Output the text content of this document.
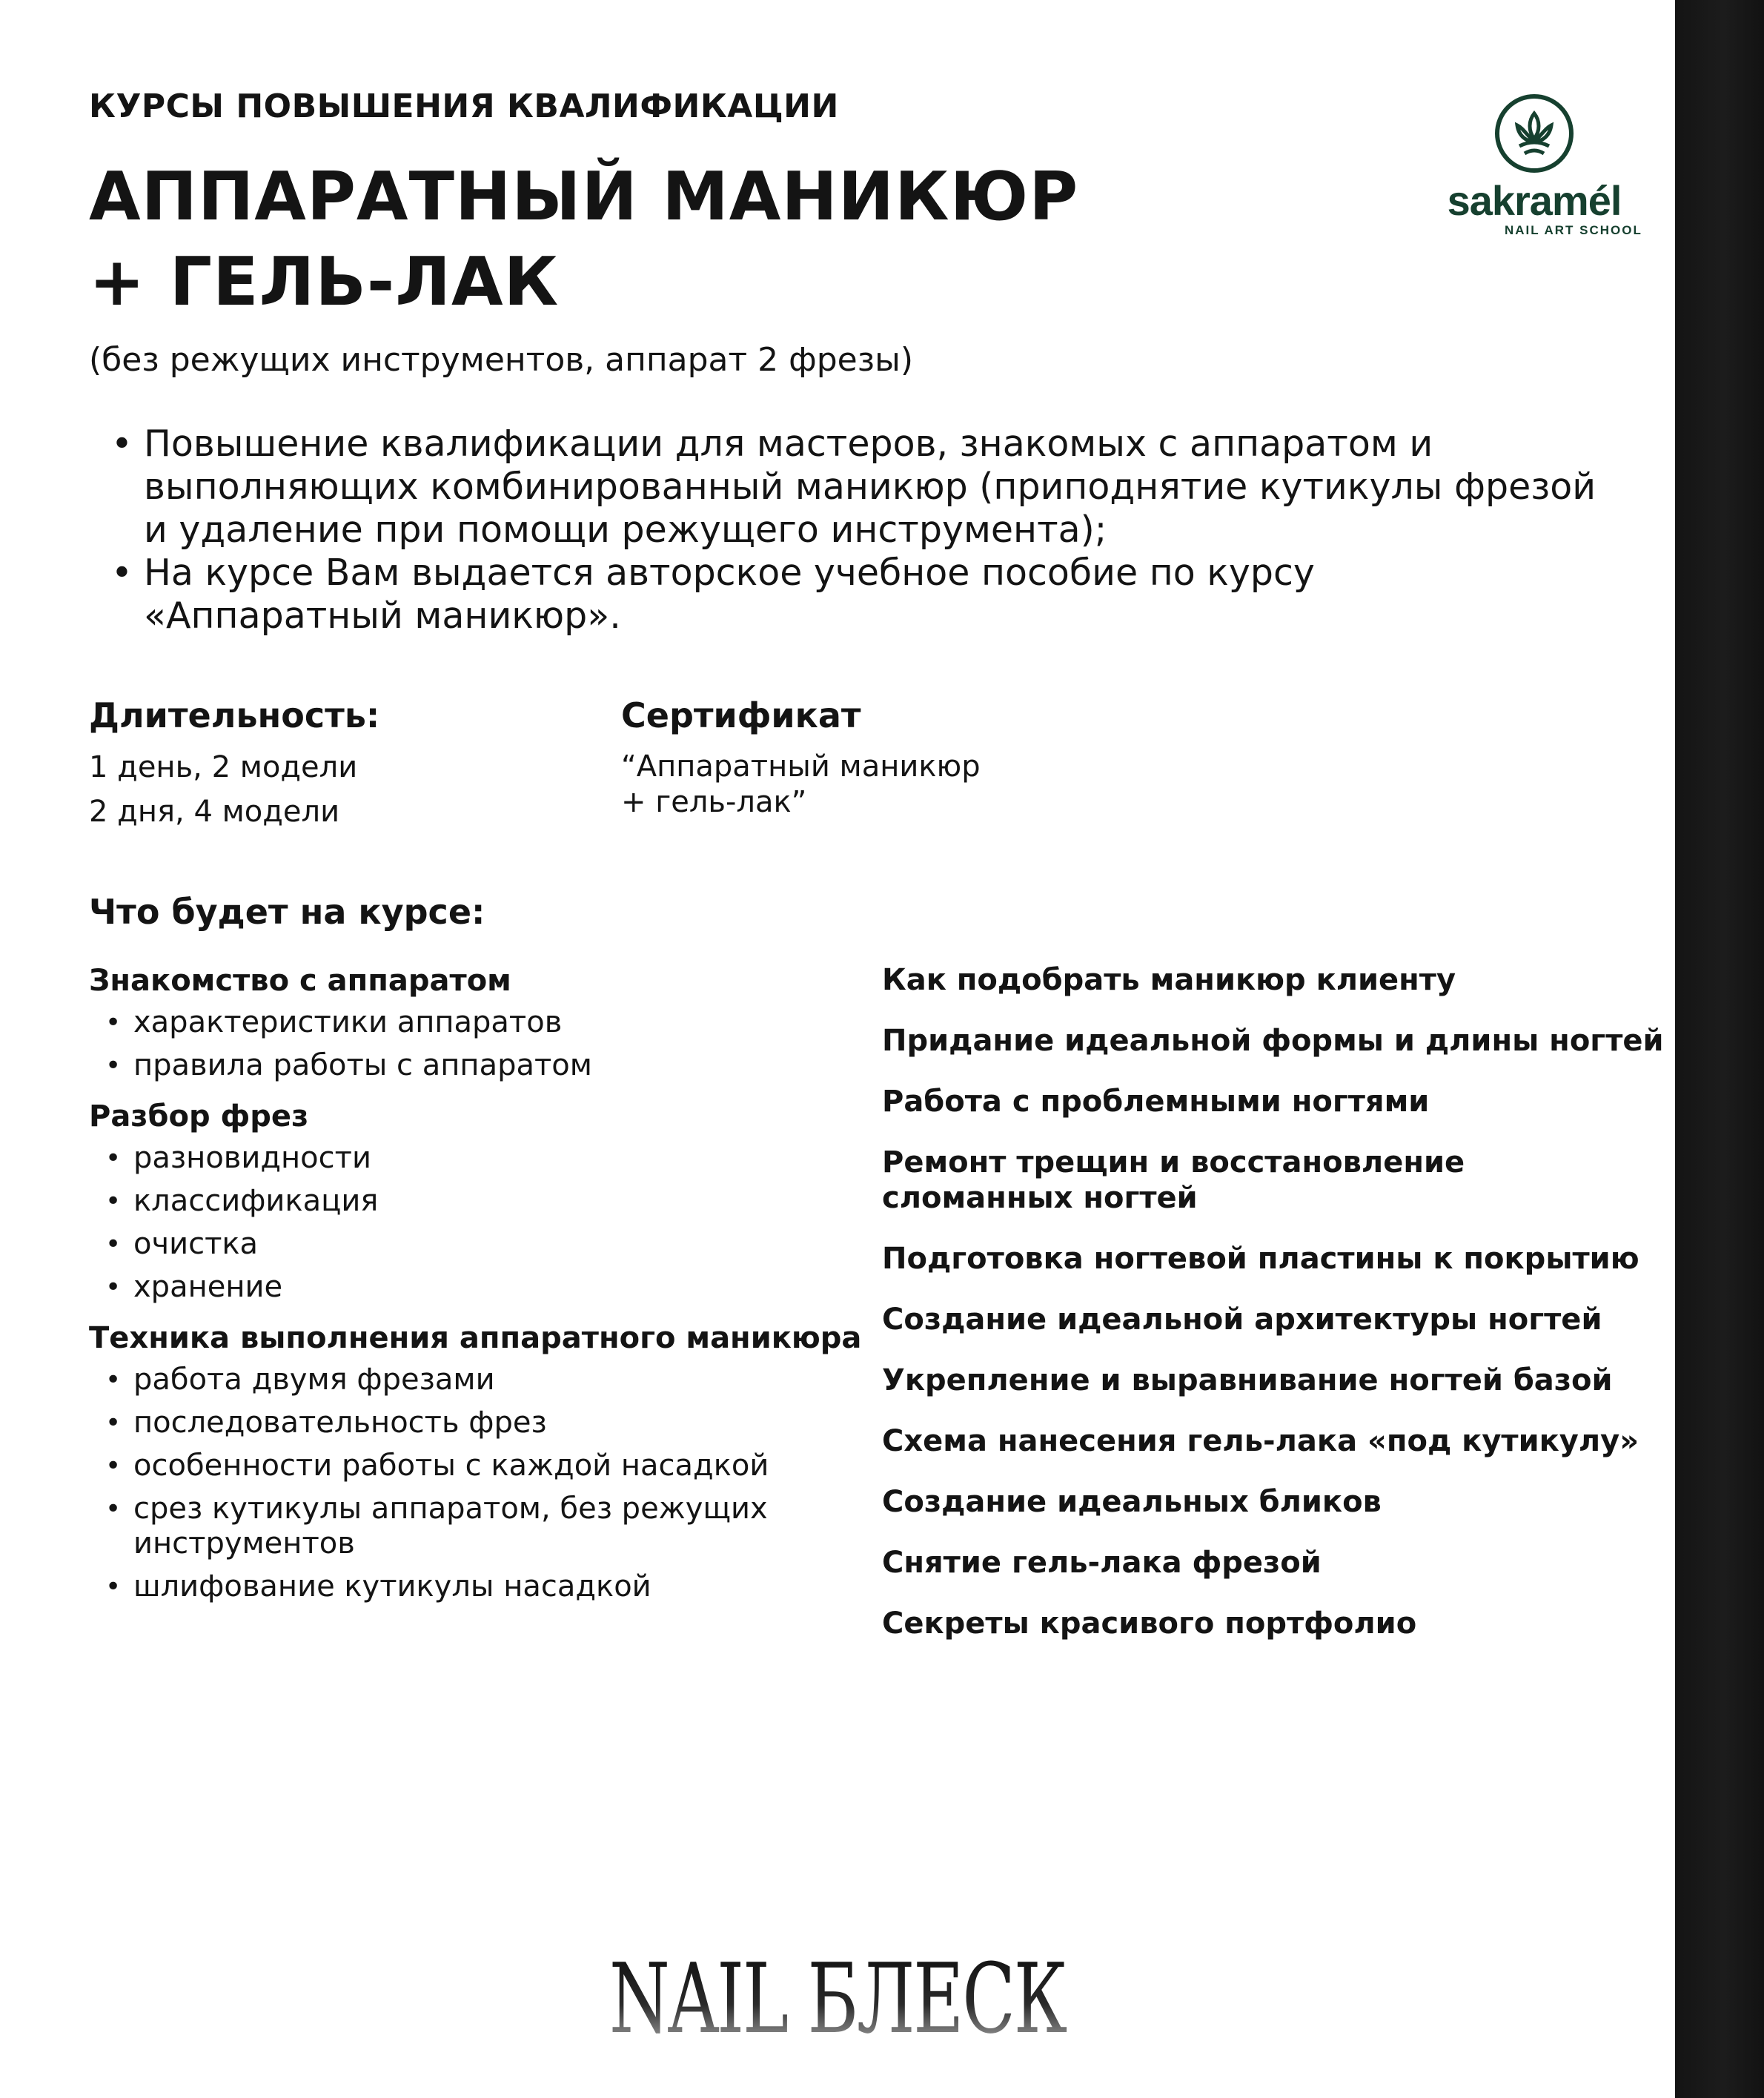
КУРСЫ ПОВЫШЕНИЯ КВАЛИФИКАЦИИ
АППАРАТНЫЙ МАНИКЮР
+ ГЕЛЬ-ЛАК
(без режущих инструментов, аппарат 2 фрезы)
sakramél
NAIL ART SCHOOL
• Повышение квалификации для мастеров, знакомых с аппаратом и
выполняющих комбинированный маникюр (приподнятие кутикулы фрезой
и удаление при помощи режущего инструмента);
• На курсе Вам выдается авторское учебное пособие по курсу
«Аппаратный маникюр».
Длительность:
1 день, 2 модели
2 дня, 4 модели
Сертификат
“Аппаратный маникюр
+ гель-лак”
Что будет на курсе:
Знакомство с аппаратом
• характеристики аппаратов
• правила работы с аппаратом
Разбор фрез
• разновидности
• классификация
• очистка
• хранение
Техника выполнения аппаратного маникюра
• работа двумя фрезами
• последовательность фрез
• особенности работы с каждой насадкой
• срез кутикулы аппаратом, без режущих
инструментов
• шлифование кутикулы насадкой
Как подобрать маникюр клиенту
Придание идеальной формы и длины ногтей
Работа с проблемными ногтями
Ремонт трещин и восстановление
сломанных ногтей
Подготовка ногтевой пластины к покрытию
Создание идеальной архитектуры ногтей
Укрепление и выравнивание ногтей базой
Схема нанесения гель-лака «под кутикулу»
Создание идеальных бликов
Снятие гель-лака фрезой
Секреты красивого портфолио
NAIL БЛЕСК
